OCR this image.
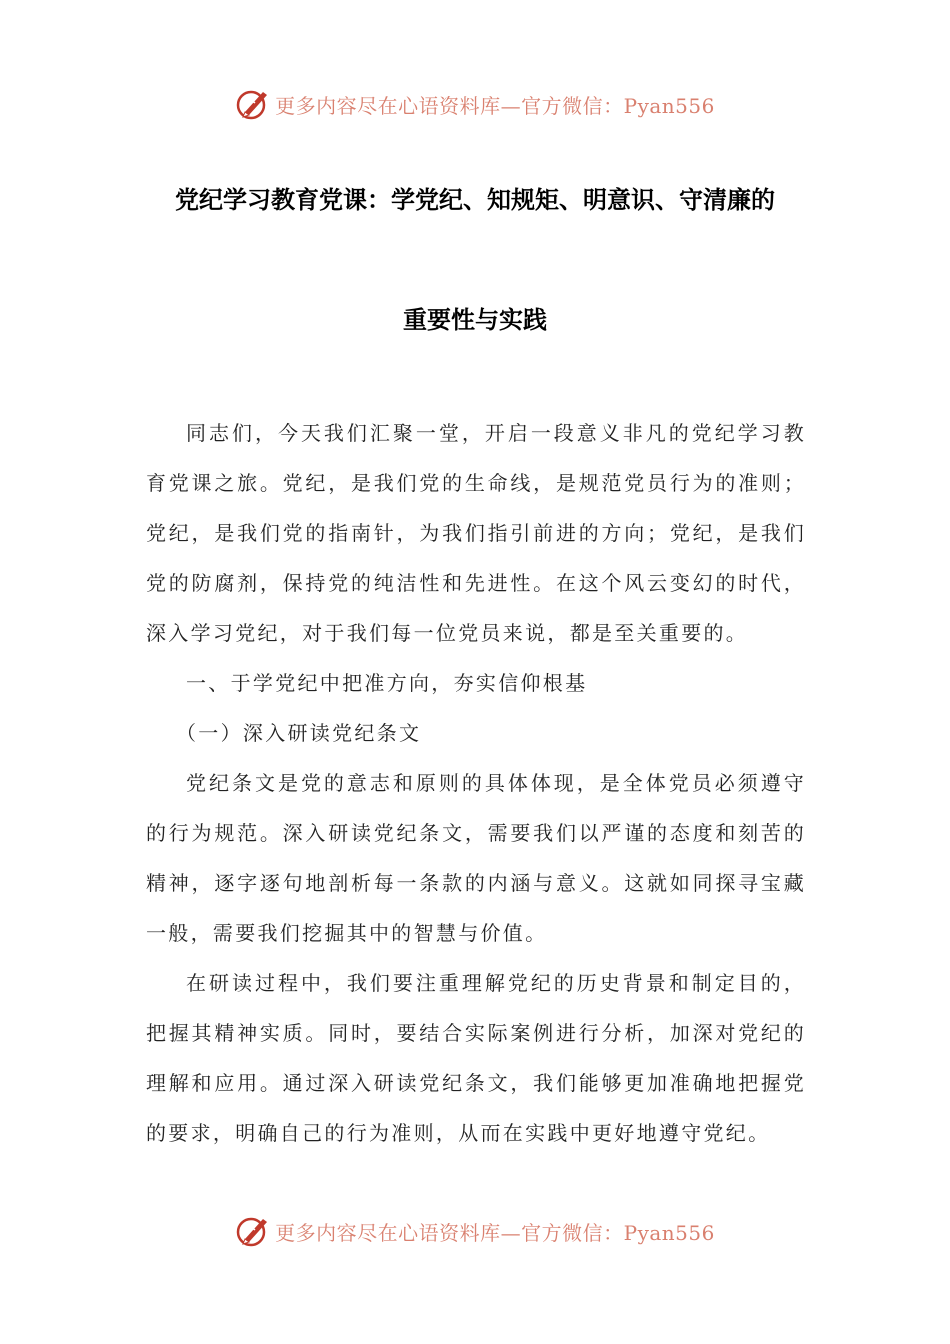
更多内容尽在心语资料库—官方微信：Pyan556
党纪学习教育党课：学党纪、知规矩、明意识、守清廉的
重要性与实践

同志们，今天我们汇聚一堂，开启一段意义非凡的党纪学习教育党课之旅。党纪，是我们党的生命线，是规范党员行为的准则；党纪，是我们党的指南针，为我们指引前进的方向；党纪，是我们党的防腐剂，保持党的纯洁性和先进性。在这个风云变幻的时代，深入学习党纪，对于我们每一位党员来说，都是至关重要的。

一、于学党纪中把准方向，夯实信仰根基

（一）深入研读党纪条文

党纪条文是党的意志和原则的具体体现，是全体党员必须遵守的行为规范。深入研读党纪条文，需要我们以严谨的态度和刻苦的精神，逐字逐句地剖析每一条款的内涵与意义。这就如同探寻宝藏一般，需要我们挖掘其中的智慧与价值。

在研读过程中，我们要注重理解党纪的历史背景和制定目的，把握其精神实质。同时，要结合实际案例进行分析，加深对党纪的理解和应用。通过深入研读党纪条文，我们能够更加准确地把握党的要求，明确自己的行为准则，从而在实践中更好地遵守党纪。

更多内容尽在心语资料库—官方微信：Pyan556
